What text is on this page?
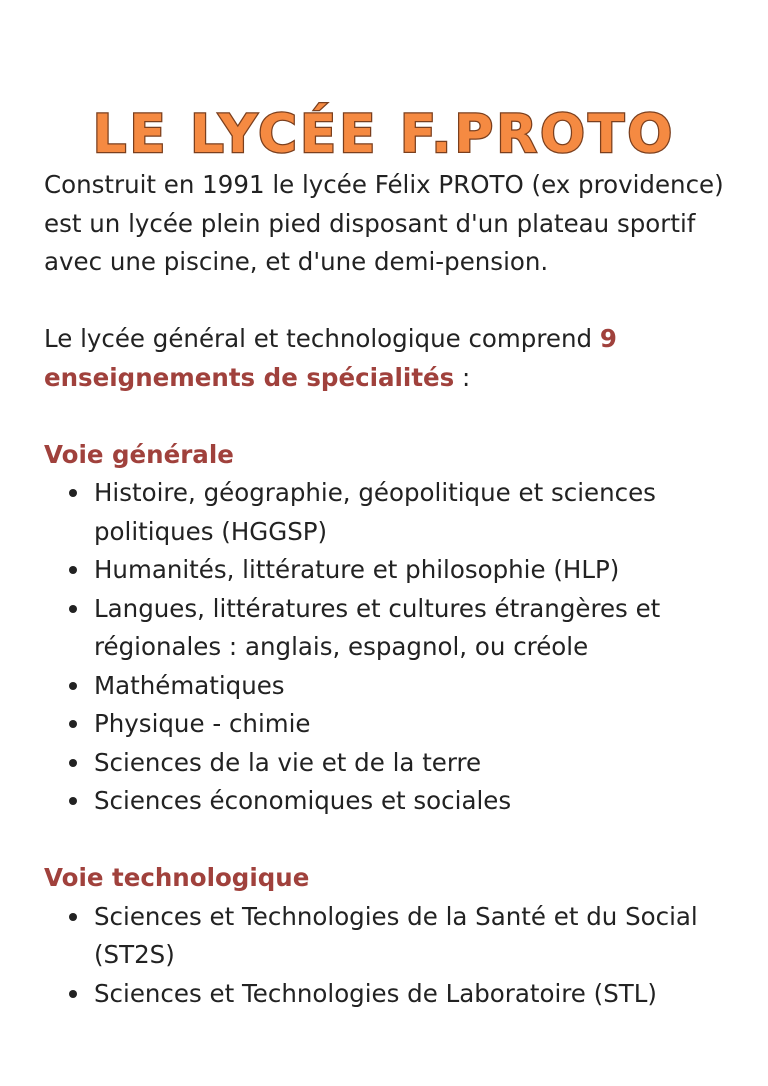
LE LYCÉE F.PROTO

Construit en 1991 le lycée Félix PROTO (ex providence) est un lycée plein pied disposant d'un plateau sportif avec une piscine, et d'une demi-pension.

Le lycée général et technologique comprend 9 enseignements de spécialités :

Voie générale

Histoire, géographie, géopolitique et sciences politiques (HGGSP)
Humanités, littérature et philosophie (HLP)
Langues, littératures et cultures étrangères et régionales : anglais, espagnol, ou créole
Mathématiques
Physique - chimie
Sciences de la vie et de la terre
Sciences économiques et sociales

Voie technologique

Sciences et Technologies de la Santé et du Social (ST2S)
Sciences et Technologies de Laboratoire (STL)
